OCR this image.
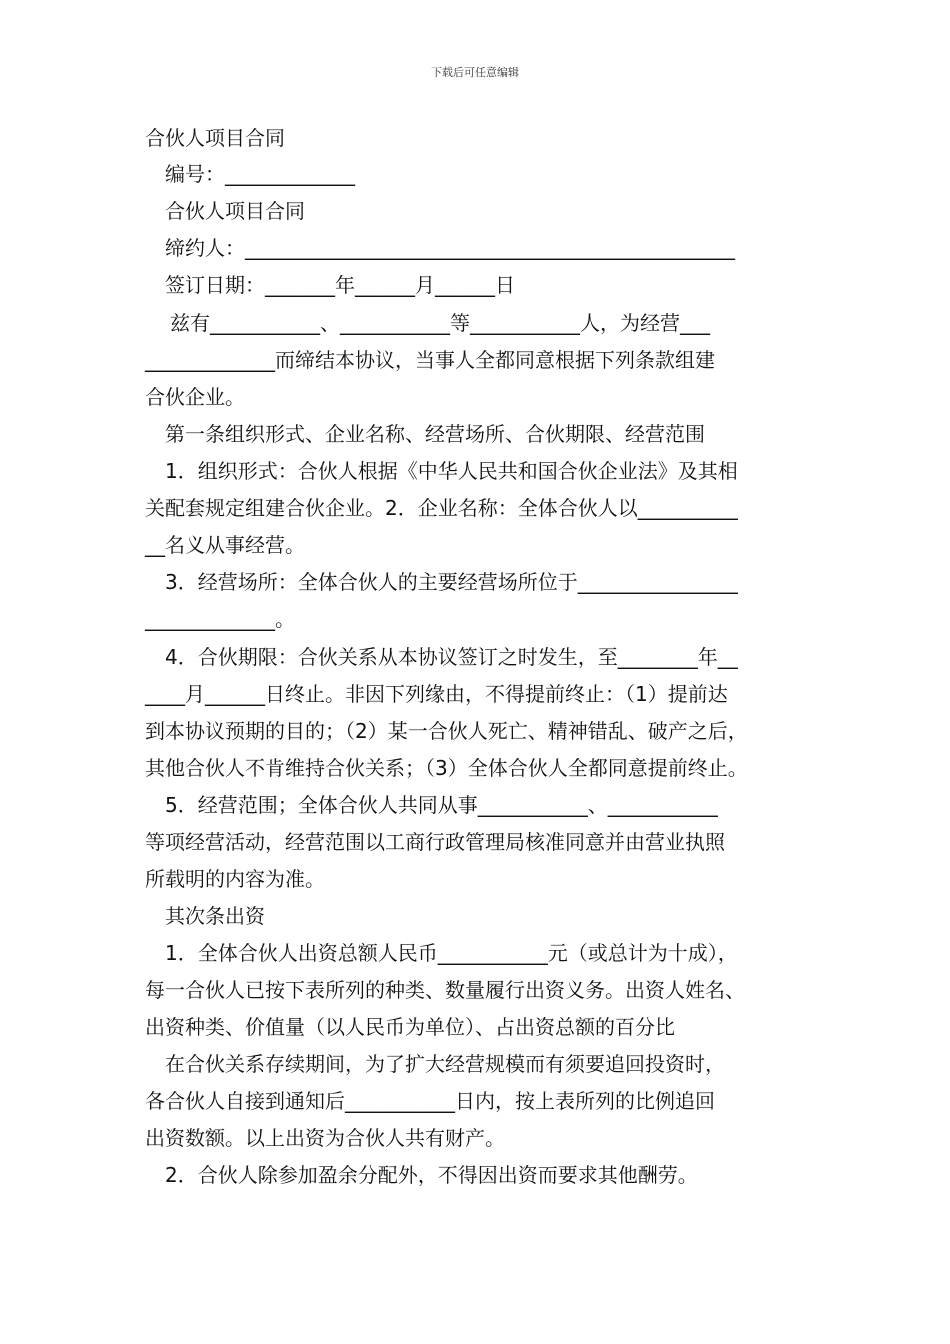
下载后可任意编辑
合伙人项目合同
编号：_____________
合伙人项目合同
缔约人：_________________________________________________
签订日期：_______年______月______日
兹有___________、___________等___________人，为经营___
_____________而缔结本协议，当事人全都同意根据下列条款组建
合伙企业。
第一条组织形式、企业名称、经营场所、合伙期限、经营范围
1．组织形式：合伙人根据《中华人民共和国合伙企业法》及其相
关配套规定组建合伙企业。2．企业名称：全体合伙人以__________
__名义从事经营。
3．经营场所：全体合伙人的主要经营场所位于________________
_____________。
4．合伙期限：合伙关系从本协议签订之时发生，至________年__
____月______日终止。非因下列缘由，不得提前终止：（1）提前达
到本协议预期的目的；（2）某一合伙人死亡、精神错乱、破产之后，
其他合伙人不肯维持合伙关系；（3）全体合伙人全都同意提前终止。
5．经营范围；全体合伙人共同从事___________、___________
等项经营活动，经营范围以工商行政管理局核准同意并由营业执照
所载明的内容为准。
其次条出资
1．全体合伙人出资总额人民币___________元（或总计为十成），
每一合伙人已按下表所列的种类、数量履行出资义务。出资人姓名、
出资种类、价值量（以人民币为单位）、占出资总额的百分比
在合伙关系存续期间，为了扩大经营规模而有须要追回投资时，
各合伙人自接到通知后___________日内，按上表所列的比例追回
出资数额。以上出资为合伙人共有财产。
2．合伙人除参加盈余分配外，不得因出资而要求其他酬劳。
